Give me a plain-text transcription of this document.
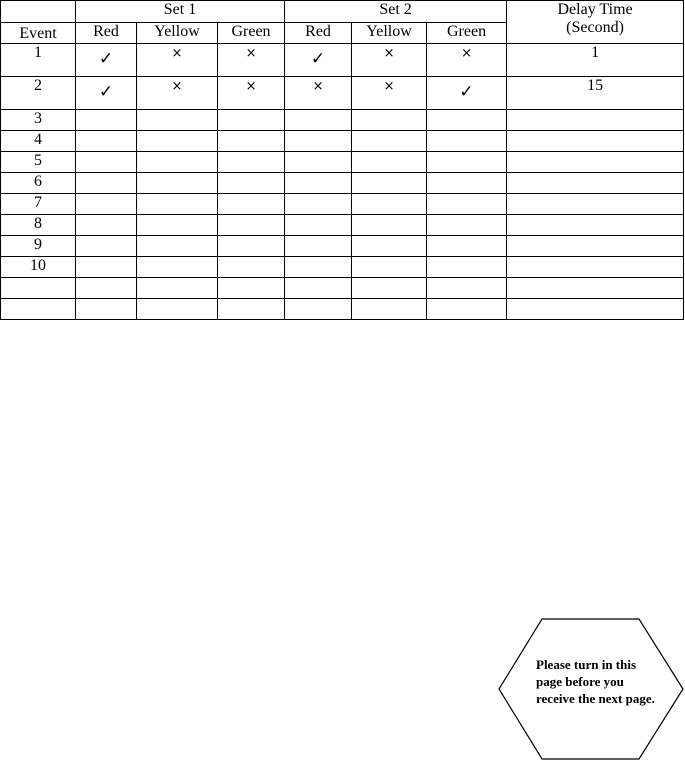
	Set 1			Set 2			Delay Time
(Second)

Event	Red	Yellow	Green	Red	Yellow	Green	
1	✓	×	×	✓	×	×	1
2	✓	×	×	×	×	✓	15
3							
4							
5							
6							
7							
8							
9							
10							

Please turn in this page before you receive the next page.
